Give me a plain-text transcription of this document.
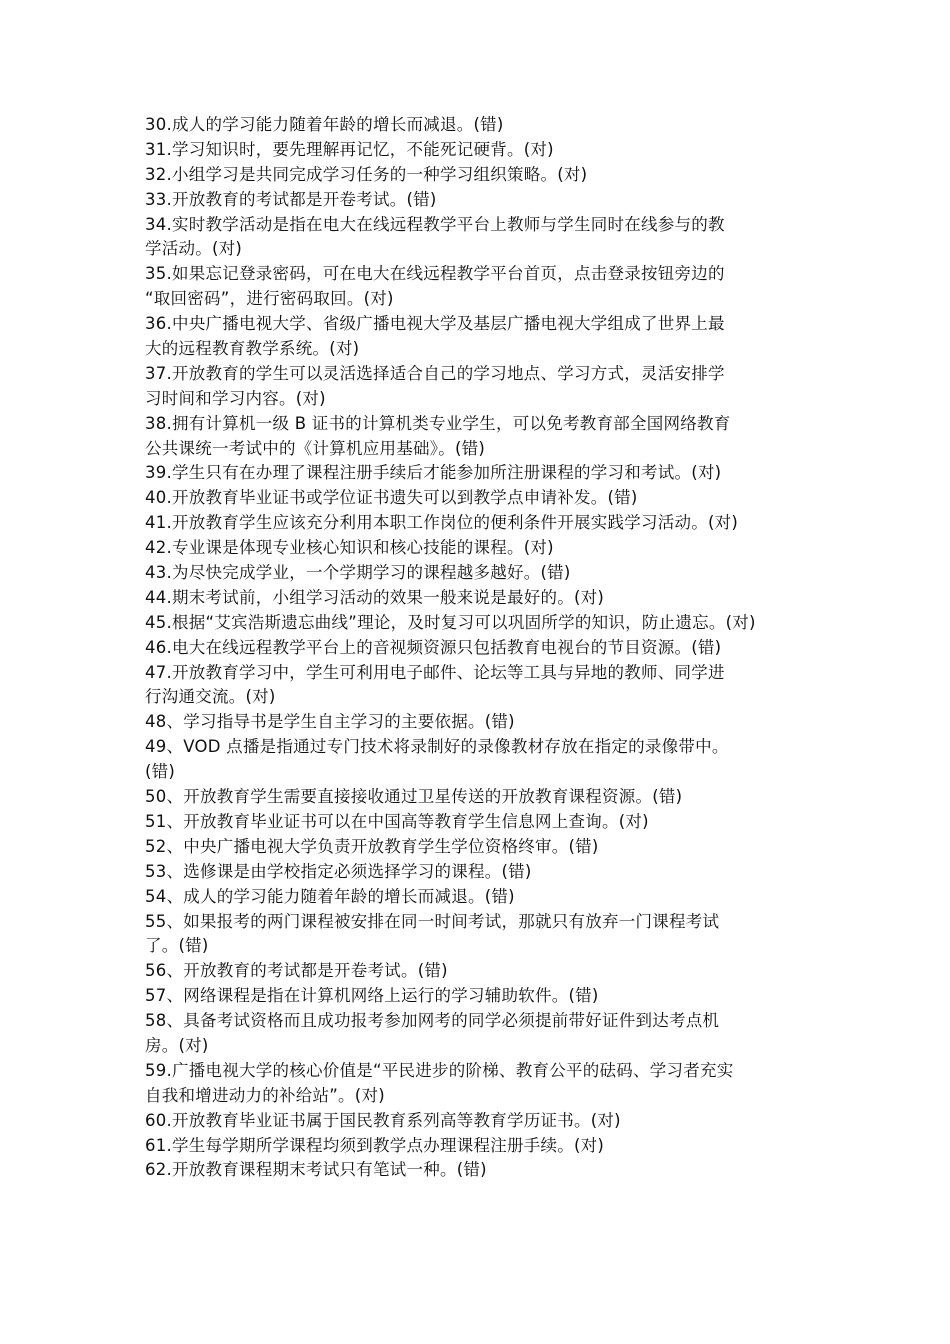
30.成人的学习能力随着年龄的增长而减退。(错)
31.学习知识时，要先理解再记忆，不能死记硬背。(对)
32.小组学习是共同完成学习任务的一种学习组织策略。(对)
33.开放教育的考试都是开卷考试。(错)
34.实时教学活动是指在电大在线远程教学平台上教师与学生同时在线参与的教
学活动。(对)
35.如果忘记登录密码，可在电大在线远程教学平台首页，点击登录按钮旁边的
“取回密码”，进行密码取回。(对)
36.中央广播电视大学、省级广播电视大学及基层广播电视大学组成了世界上最
大的远程教育教学系统。(对)
37.开放教育的学生可以灵活选择适合自己的学习地点、学习方式，灵活安排学
习时间和学习内容。(对)
38.拥有计算机一级 B 证书的计算机类专业学生，可以免考教育部全国网络教育
公共课统一考试中的《计算机应用基础》。(错)
39.学生只有在办理了课程注册手续后才能参加所注册课程的学习和考试。(对)
40.开放教育毕业证书或学位证书遗失可以到教学点申请补发。(错)
41.开放教育学生应该充分利用本职工作岗位的便利条件开展实践学习活动。(对)
42.专业课是体现专业核心知识和核心技能的课程。(对)
43.为尽快完成学业，一个学期学习的课程越多越好。(错)
44.期末考试前，小组学习活动的效果一般来说是最好的。(对)
45.根据“艾宾浩斯遗忘曲线”理论，及时复习可以巩固所学的知识，防止遗忘。(对)
46.电大在线远程教学平台上的音视频资源只包括教育电视台的节目资源。(错)
47.开放教育学习中，学生可利用电子邮件、论坛等工具与异地的教师、同学进
行沟通交流。(对)
48、学习指导书是学生自主学习的主要依据。(错)
49、VOD 点播是指通过专门技术将录制好的录像教材存放在指定的录像带中。
(错)
50、开放教育学生需要直接接收通过卫星传送的开放教育课程资源。(错)
51、开放教育毕业证书可以在中国高等教育学生信息网上查询。(对)
52、中央广播电视大学负责开放教育学生学位资格终审。(错)
53、选修课是由学校指定必须选择学习的课程。(错)
54、成人的学习能力随着年龄的增长而减退。(错)
55、如果报考的两门课程被安排在同一时间考试，那就只有放弃一门课程考试
了。(错)
56、开放教育的考试都是开卷考试。(错)
57、网络课程是指在计算机网络上运行的学习辅助软件。(错)
58、具备考试资格而且成功报考参加网考的同学必须提前带好证件到达考点机
房。(对)
59.广播电视大学的核心价值是“平民进步的阶梯、教育公平的砝码、学习者充实
自我和增进动力的补给站”。(对)
60.开放教育毕业证书属于国民教育系列高等教育学历证书。(对)
61.学生每学期所学课程均须到教学点办理课程注册手续。(对)
62.开放教育课程期末考试只有笔试一种。(错)
